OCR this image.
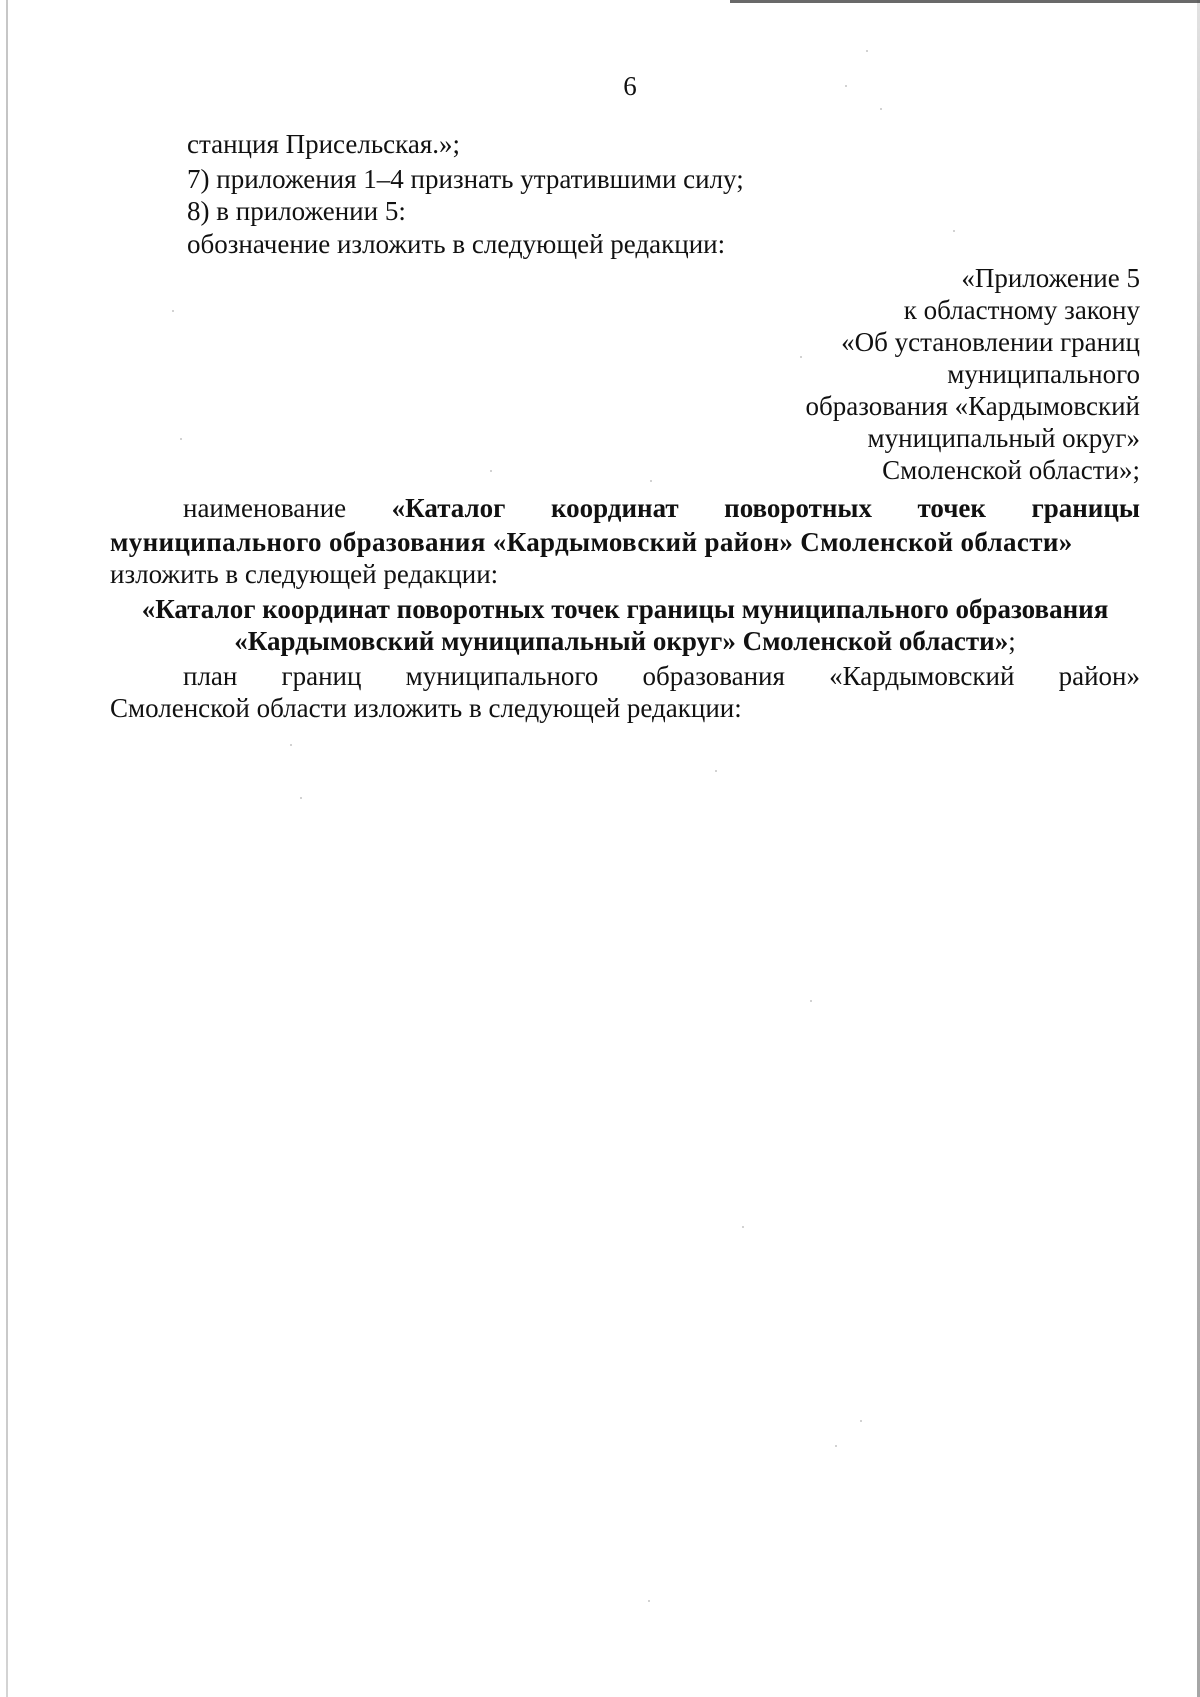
6
станция Присельская.»;
7) приложения 1–4 признать утратившими силу;
8) в приложении 5:
обозначение изложить в следующей редакции:
«Приложение 5
к областному закону
«Об установлении границ
муниципального
образования «Кардымовский
муниципальный округ»
Смоленской области»;
наименование «Каталог координат поворотных точек границы
муниципального образования «Кардымовский район» Смоленской области»
изложить в следующей редакции:
«Каталог координат поворотных точек границы муниципального образования
«Кардымовский муниципальный округ» Смоленской области»;
план границ муниципального образования «Кардымовский район»
Смоленской области изложить в следующей редакции:
